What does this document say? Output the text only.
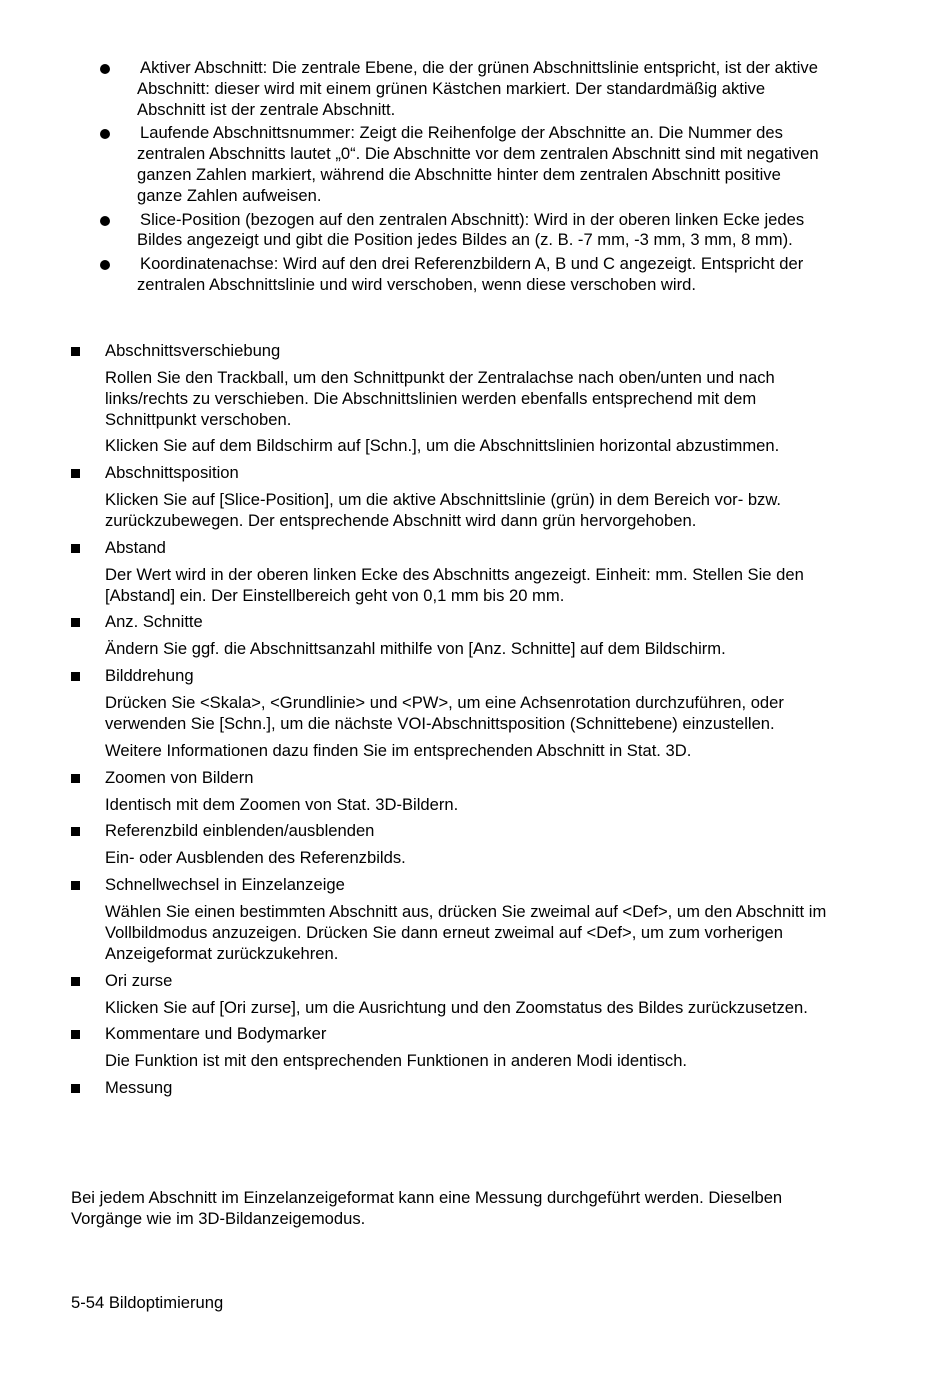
Aktiver Abschnitt: Die zentrale Ebene, die der grünen Abschnittslinie entspricht, ist der aktive Abschnitt: dieser wird mit einem grünen Kästchen markiert. Der standardmäßig aktive Abschnitt ist der zentrale Abschnitt.
Laufende Abschnittsnummer: Zeigt die Reihenfolge der Abschnitte an. Die Nummer des zentralen Abschnitts lautet „0“. Die Abschnitte vor dem zentralen Abschnitt sind mit negativen ganzen Zahlen markiert, während die Abschnitte hinter dem zentralen Abschnitt positive ganze Zahlen aufweisen.
Slice-Position (bezogen auf den zentralen Abschnitt): Wird in der oberen linken Ecke jedes Bildes angezeigt und gibt die Position jedes Bildes an (z. B. -7 mm, -3 mm, 3 mm, 8 mm).
Koordinatenachse: Wird auf den drei Referenzbildern A, B und C angezeigt. Entspricht der zentralen Abschnittslinie und wird verschoben, wenn diese verschoben wird.
Abschnittsverschiebung
Rollen Sie den Trackball, um den Schnittpunkt der Zentralachse nach oben/unten und nach links/rechts zu verschieben. Die Abschnittslinien werden ebenfalls entsprechend mit dem Schnittpunkt verschoben.
Klicken Sie auf dem Bildschirm auf [Schn.], um die Abschnittslinien horizontal abzustimmen.
Abschnittsposition
Klicken Sie auf [Slice-Position], um die aktive Abschnittslinie (grün) in dem Bereich vor- bzw. zurückzubewegen. Der entsprechende Abschnitt wird dann grün hervorgehoben.
Abstand
Der Wert wird in der oberen linken Ecke des Abschnitts angezeigt. Einheit: mm. Stellen Sie den [Abstand] ein. Der Einstellbereich geht von 0,1 mm bis 20 mm.
Anz. Schnitte
Ändern Sie ggf. die Abschnittsanzahl mithilfe von [Anz. Schnitte] auf dem Bildschirm.
Bilddrehung
Drücken Sie <Skala>, <Grundlinie> und <PW>, um eine Achsenrotation durchzuführen, oder verwenden Sie [Schn.], um die nächste VOI-Abschnittsposition (Schnittebene) einzustellen.
Weitere Informationen dazu finden Sie im entsprechenden Abschnitt in Stat. 3D.
Zoomen von Bildern
Identisch mit dem Zoomen von Stat. 3D-Bildern.
Referenzbild einblenden/ausblenden
Ein- oder Ausblenden des Referenzbilds.
Schnellwechsel in Einzelanzeige
Wählen Sie einen bestimmten Abschnitt aus, drücken Sie zweimal auf <Def>, um den Abschnitt im Vollbildmodus anzuzeigen. Drücken Sie dann erneut zweimal auf <Def>, um zum vorherigen Anzeigeformat zurückzukehren.
Ori zurse
Klicken Sie auf [Ori zurse], um die Ausrichtung und den Zoomstatus des Bildes zurückzusetzen.
Kommentare und Bodymarker
Die Funktion ist mit den entsprechenden Funktionen in anderen Modi identisch.
Messung
Bei jedem Abschnitt im Einzelanzeigeformat kann eine Messung durchgeführt werden. Dieselben Vorgänge wie im 3D-Bildanzeigemodus.
5-54 Bildoptimierung
